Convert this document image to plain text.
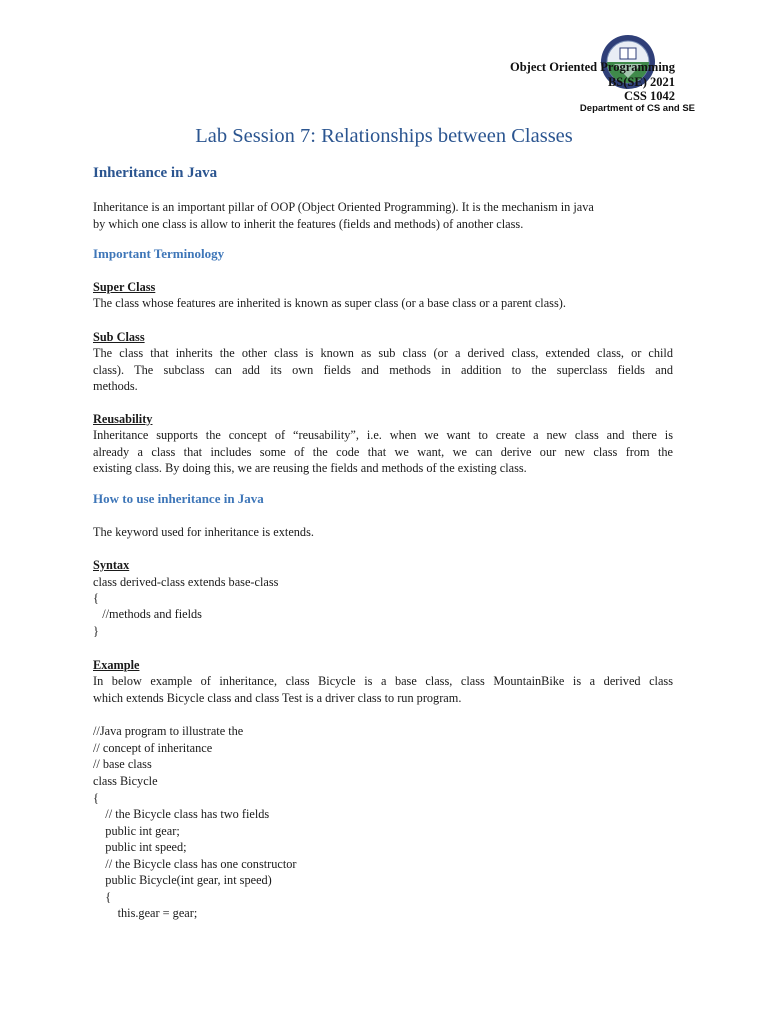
Object Oriented Programming
BS(SE) 2021
CSS 1042
Department of CS and SE
Lab Session 7: Relationships between Classes
Inheritance in Java
Inheritance is an important pillar of OOP (Object Oriented Programming). It is the mechanism in java
by which one class is allow to inherit the features (fields and methods) of another class.
Important Terminology
Super Class
The class whose features are inherited is known as super class (or a base class or a parent class).
Sub Class
The class that inherits the other class is known as sub class (or a derived class, extended class, or child
class). The subclass can add its own fields and methods in addition to the superclass fields and
methods.
Reusability
Inheritance supports the concept of “reusability”, i.e. when we want to create a new class and there is
already a class that includes some of the code that we want, we can derive our new class from the
existing class. By doing this, we are reusing the fields and methods of the existing class.
How to use inheritance in Java
The keyword used for inheritance is extends.
Syntax
class derived-class extends base-class
{
//methods and fields
}
Example
In below example of inheritance, class Bicycle is a base class, class MountainBike is a derived class
which extends Bicycle class and class Test is a driver class to run program.
//Java program to illustrate the
// concept of inheritance
// base class
class Bicycle
{
// the Bicycle class has two fields
public int gear;
public int speed;
// the Bicycle class has one constructor
public Bicycle(int gear, int speed)
{
this.gear = gear;
